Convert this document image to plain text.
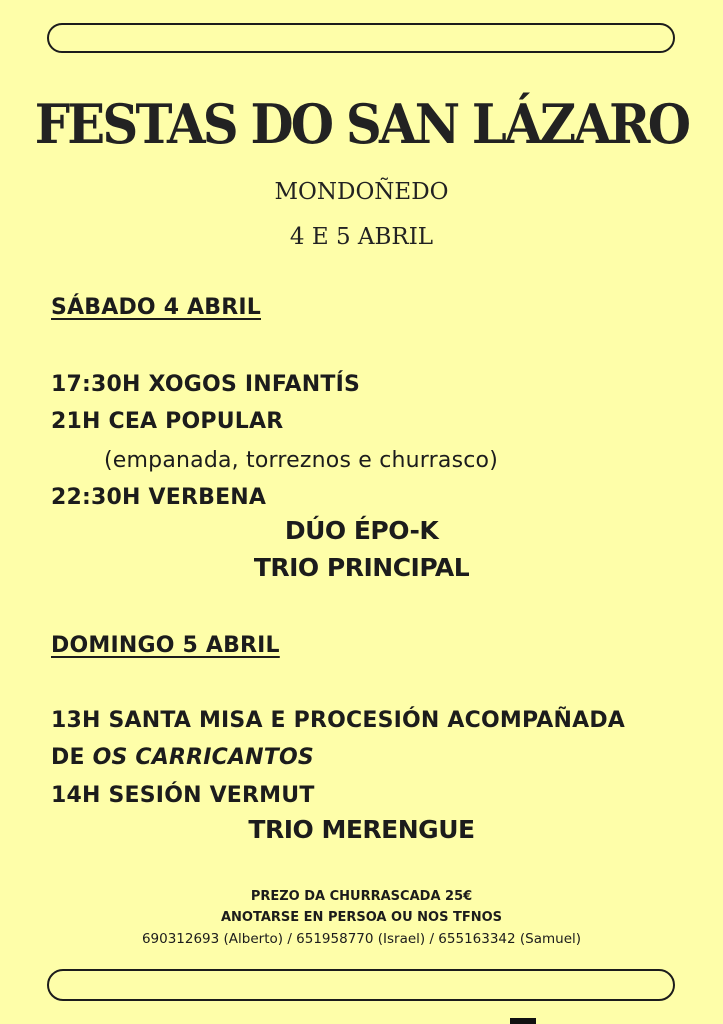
FESTAS DO SAN LÁZARO
MONDOÑEDO
4 E 5 ABRIL
SÁBADO 4 ABRIL
17:30H XOGOS INFANTÍS
21H CEA POPULAR
(empanada, torreznos e churrasco)
22:30H VERBENA
DÚO ÉPO-K
TRIO PRINCIPAL
DOMINGO 5 ABRIL
13H SANTA MISA E PROCESIÓN ACOMPAÑADA
DE OS CARRICANTOS
14H SESIÓN VERMUT
TRIO MERENGUE
PREZO DA CHURRASCADA 25€
ANOTARSE EN PERSOA OU NOS TFNOS
690312693 (Alberto) / 651958770 (Israel) / 655163342 (Samuel)
